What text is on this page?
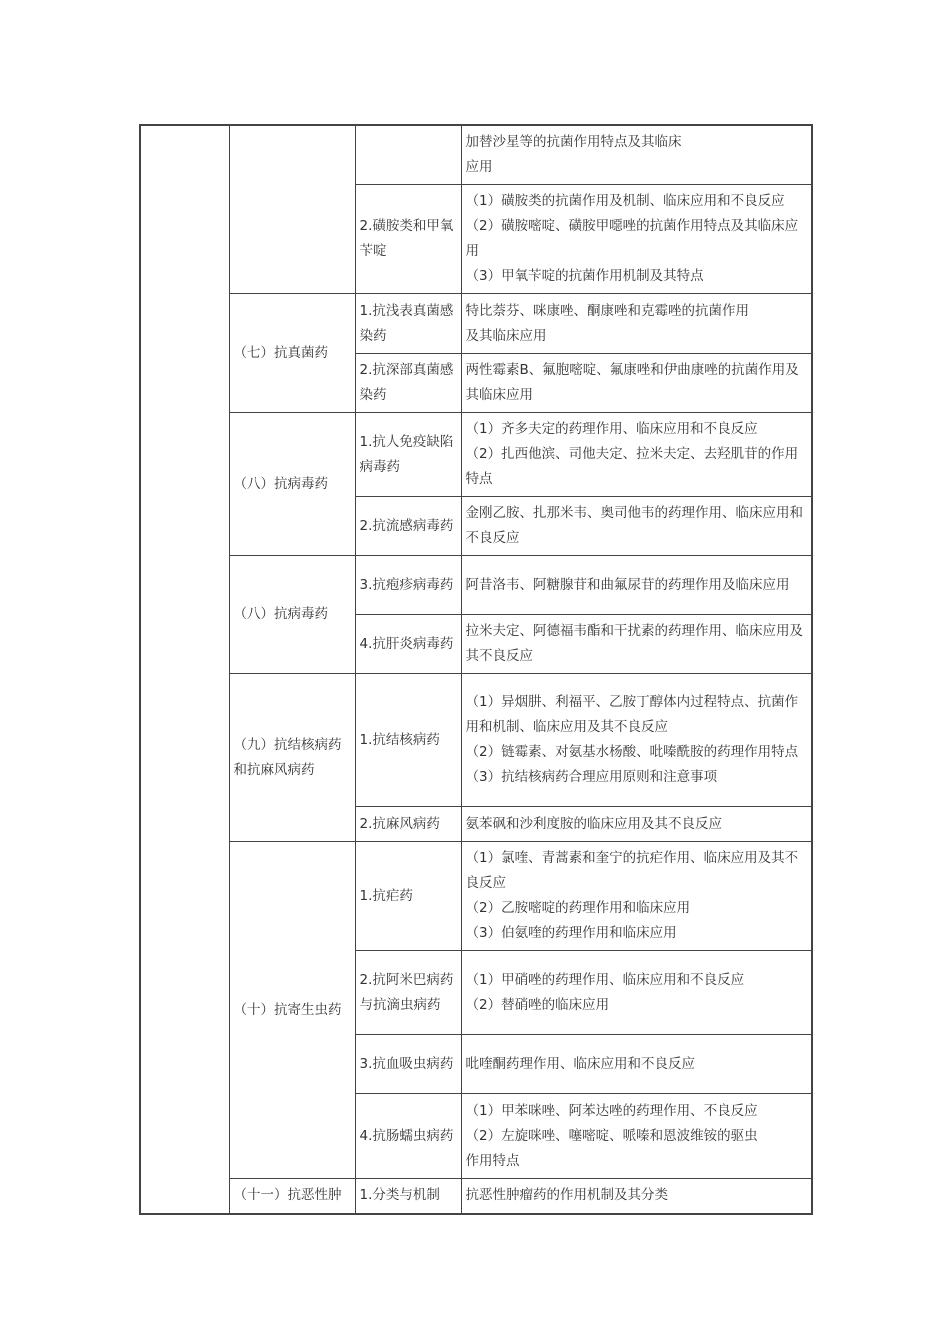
			加替沙星等的抗菌作用特点及其临床
应用

		2.磺胺类和甲氧苄啶	（1）磺胺类的抗菌作用及机制、临床应用和不良反应
（2）磺胺嘧啶、磺胺甲噁唑的抗菌作用特点及其临床应用
（3）甲氧苄啶的抗菌作用机制及其特点

	（七）抗真菌药	1.抗浅表真菌感染药	特比萘芬、咪康唑、酮康唑和克霉唑的抗菌作用
及其临床应用

		2.抗深部真菌感染药	两性霉素B、氟胞嘧啶、氟康唑和伊曲康唑的抗菌作用及其临床应用

	（八）抗病毒药	1.抗人免疫缺陷病毒药	（1）齐多夫定的药理作用、临床应用和不良反应
（2）扎西他滨、司他夫定、拉米夫定、去羟肌苷的作用特点

		2.抗流感病毒药	金刚乙胺、扎那米韦、奥司他韦的药理作用、临床应用和不良反应

	（八）抗病毒药	3.抗疱疹病毒药	阿昔洛韦、阿糖腺苷和曲氟尿苷的药理作用及临床应用

		4.抗肝炎病毒药	拉米夫定、阿德福韦酯和干扰素的药理作用、临床应用及其不良反应

	（九）抗结核病药和抗麻风病药	1.抗结核病药	（1）异烟肼、利福平、乙胺丁醇体内过程特点、抗菌作用和机制、临床应用及其不良反应
（2）链霉素、对氨基水杨酸、吡嗪酰胺的药理作用特点
（3）抗结核病药合理应用原则和注意事项

		2.抗麻风病药	氨苯砜和沙利度胺的临床应用及其不良反应

	（十）抗寄生虫药	1.抗疟药	（1）氯喹、青蒿素和奎宁的抗疟作用、临床应用及其不良反应
（2）乙胺嘧啶的药理作用和临床应用
（3）伯氨喹的药理作用和临床应用

		2.抗阿米巴病药与抗滴虫病药	（1）甲硝唑的药理作用、临床应用和不良反应
（2）替硝唑的临床应用

		3.抗血吸虫病药	吡喹酮药理作用、临床应用和不良反应

		4.抗肠蠕虫病药	（1）甲苯咪唑、阿苯达唑的药理作用、不良反应
（2）左旋咪唑、噻嘧啶、哌嗪和恩波维铵的驱虫
作用特点

	（十一）抗恶性肿	1.分类与机制	抗恶性肿瘤药的作用机制及其分类
